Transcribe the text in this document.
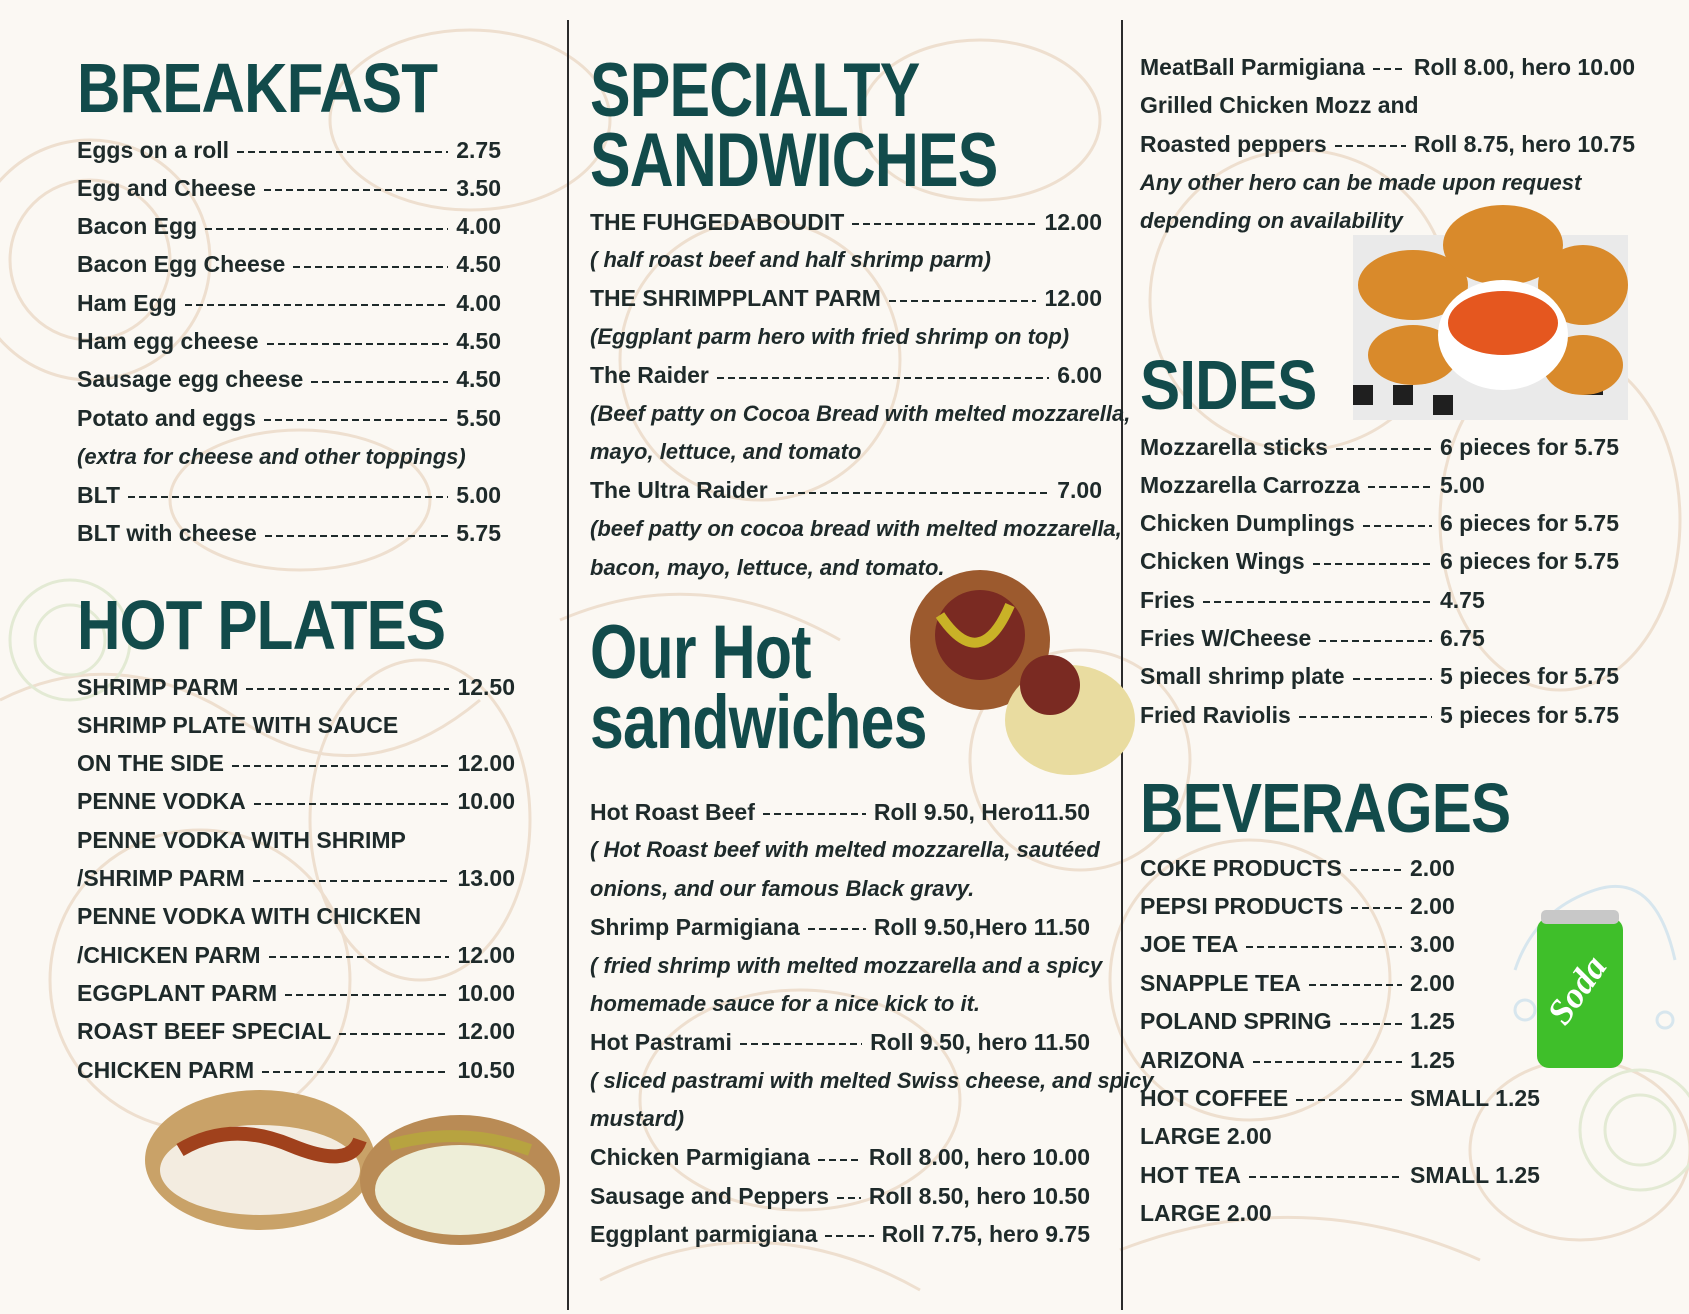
BREAKFAST
Eggs on a roll	2.75
Egg and Cheese	3.50
Bacon Egg	4.00
Bacon Egg Cheese	4.50
Ham Egg	4.00
Ham egg cheese	4.50
Sausage egg cheese	4.50
Potato and eggs	5.50
(extra for cheese and other toppings)
BLT	5.00
BLT with cheese	5.75
HOT PLATES
SHRIMP PARM	12.50
SHRIMP PLATE WITH SAUCE
ON THE SIDE	12.00
PENNE VODKA	10.00
PENNE VODKA WITH SHRIMP
/SHRIMP PARM	13.00
PENNE VODKA WITH CHICKEN
/CHICKEN PARM	12.00
EGGPLANT PARM	10.00
ROAST BEEF SPECIAL	12.00
CHICKEN PARM	10.50
SPECIALTY
SANDWICHES
THE FUHGEDABOUDIT	12.00
( half roast beef and half shrimp parm)
THE SHRIMPPLANT PARM	12.00
(Eggplant parm hero with fried shrimp on top)
The Raider	6.00
(Beef patty on Cocoa Bread with melted mozzarella,
mayo, lettuce, and tomato
The Ultra Raider	7.00
(beef patty on cocoa bread with melted mozzarella,
bacon, mayo, lettuce, and tomato.
Our Hot
sandwiches
Hot Roast Beef	Roll 9.50, Hero11.50
( Hot Roast beef with melted mozzarella, sautéed
onions, and our famous Black gravy.
Shrimp Parmigiana	Roll 9.50,Hero 11.50
( fried shrimp with melted mozzarella and a spicy
homemade sauce for a nice kick to it.
Hot Pastrami	Roll 9.50, hero 11.50
( sliced pastrami with melted Swiss cheese, and spicy
mustard)
Chicken Parmigiana	Roll 8.00, hero 10.00
Sausage and Peppers Roll 8.50, hero 10.50
Eggplant parmigiana	Roll 7.75, hero 9.75
MeatBall Parmigiana Roll 8.00, hero 10.00
Grilled Chicken Mozz and
Roasted peppers	Roll 8.75, hero 10.75
Any other hero can be made upon request
depending on availability
SIDES
Mozzarella sticks	6 pieces for 5.75
Mozzarella Carrozza	5.00
Chicken Dumplings	6 pieces for 5.75
Chicken Wings	6 pieces for 5.75
Fries	4.75
Fries W/Cheese	6.75
Small shrimp plate	5 pieces for 5.75
Fried Raviolis	5 pieces for 5.75
BEVERAGES
COKE PRODUCTS	2.00
PEPSI PRODUCTS	2.00
JOE TEA	3.00
SNAPPLE TEA	2.00
POLAND SPRING	1.25
ARIZONA	1.25
HOT COFFEE	SMALL 1.25
LARGE 2.00
HOT TEA	SMALL 1.25
LARGE 2.00
Soda
